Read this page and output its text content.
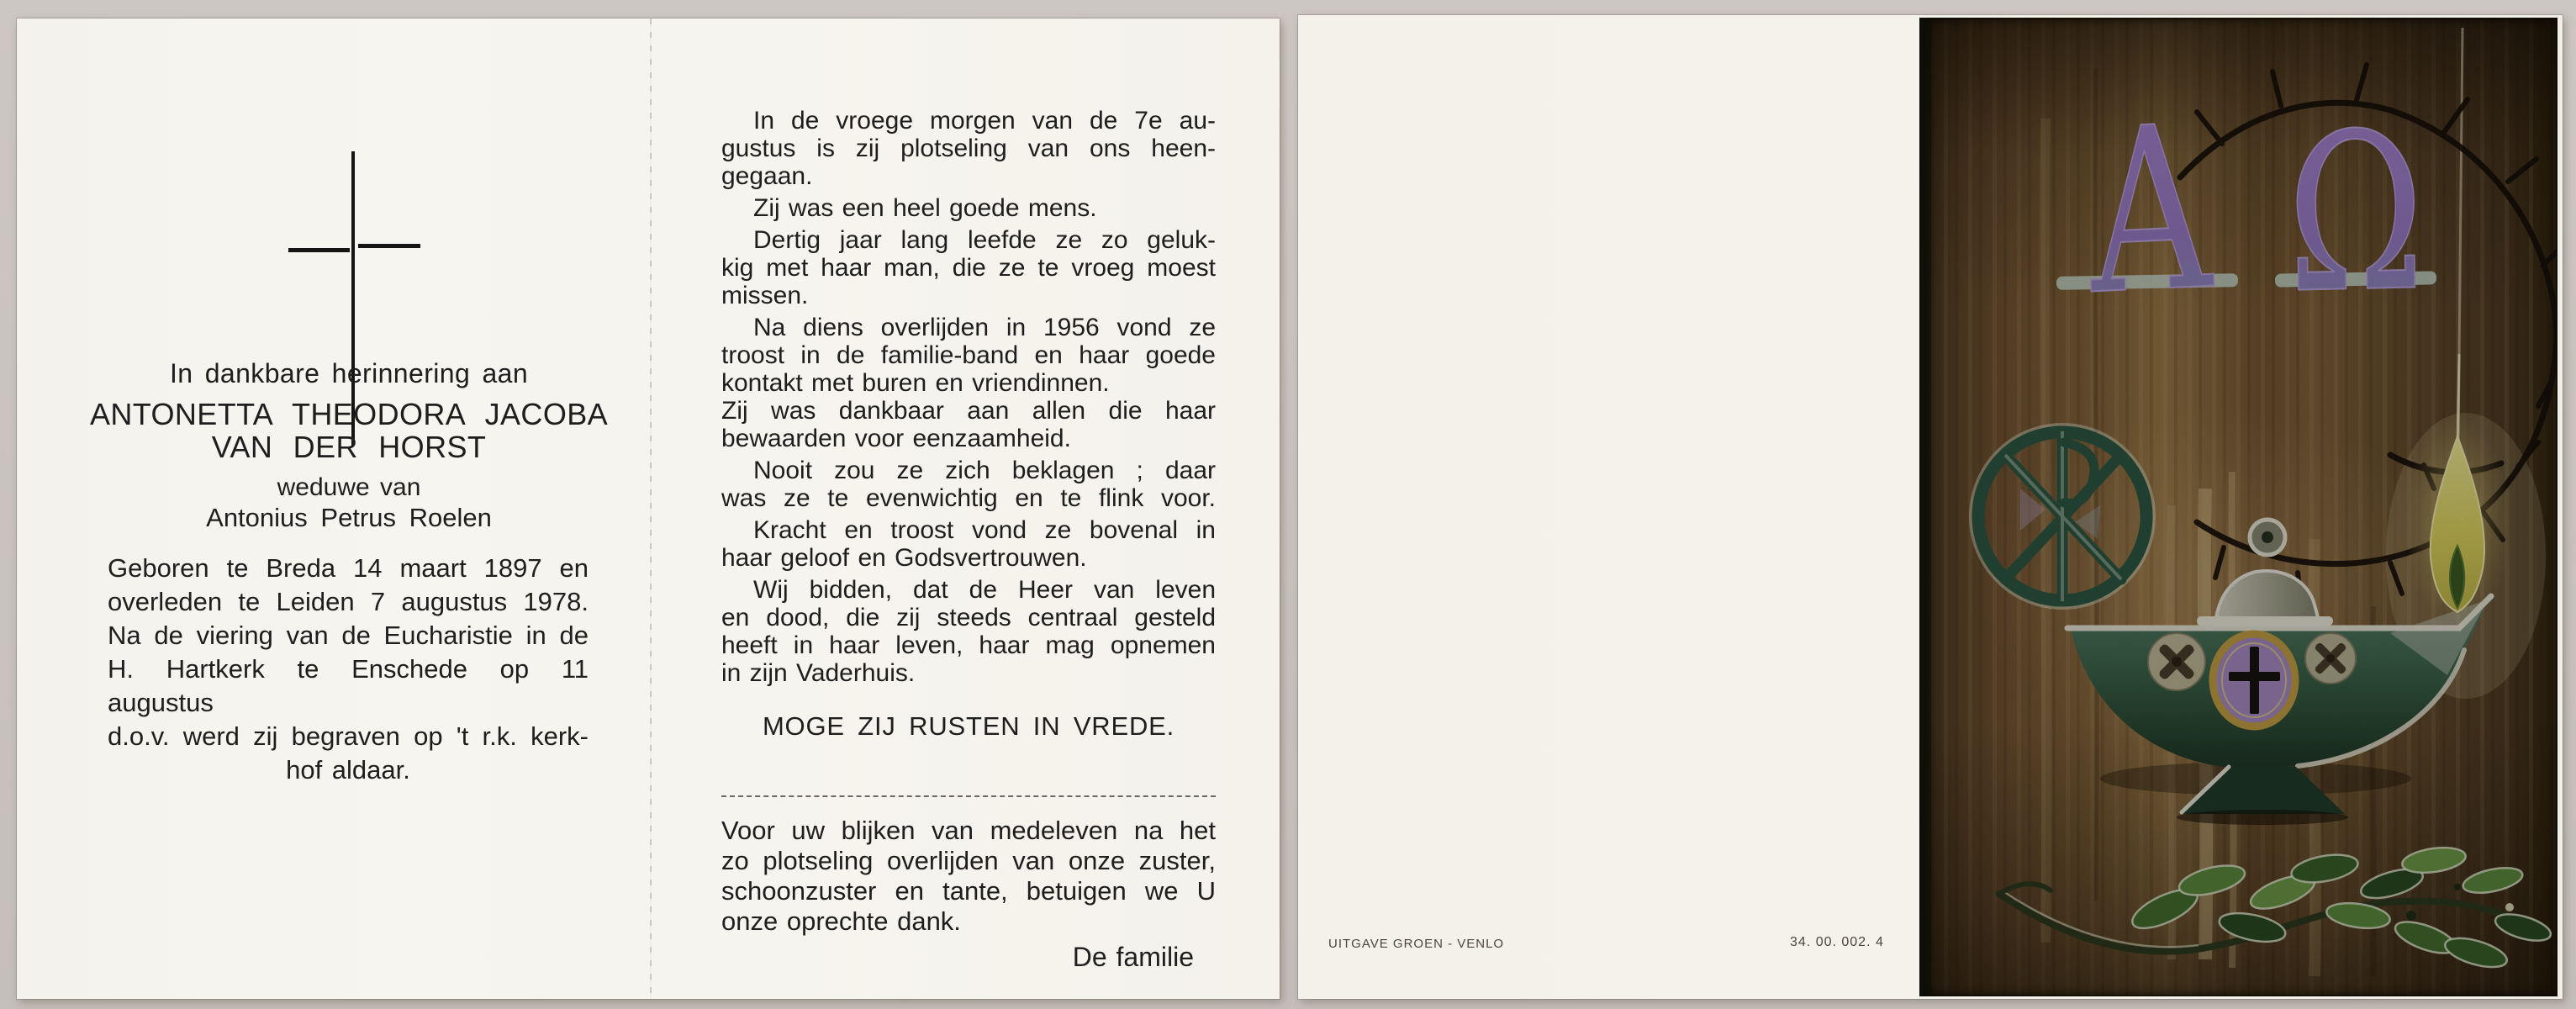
In dankbare herinnering aan
ANTONETTA THEODORA JACOBA
VAN DER HORST
weduwe van
Antonius Petrus Roelen
Geboren te Breda 14 maart 1897 en
overleden te Leiden 7 augustus 1978.
Na de viering van de Eucharistie in de
H. Hartkerk te Enschede op 11 augustus
d.o.v. werd zij begraven op 't r.k. kerk-
hof aldaar.
In de vroege morgen van de 7e au-
gustus is zij plotseling van ons heen-
gegaan.
Zij was een heel goede mens.
Dertig jaar lang leefde ze zo geluk-
kig met haar man, die ze te vroeg moest
missen.
Na diens overlijden in 1956 vond ze
troost in de familie-band en haar goede
kontakt met buren en vriendinnen.
Zij was dankbaar aan allen die haar
bewaarden voor eenzaamheid.
Nooit zou ze zich beklagen ; daar
was ze te evenwichtig en te flink voor.
Kracht en troost vond ze bovenal in
haar geloof en Godsvertrouwen.
Wij bidden, dat de Heer van leven
en dood, die zij steeds centraal gesteld
heeft in haar leven, haar mag opnemen
in zijn Vaderhuis.
MOGE ZIJ RUSTEN IN VREDE.
Voor uw blijken van medeleven na het
zo plotseling overlijden van onze zuster,
schoonzuster en tante, betuigen we U
onze oprechte dank.
De familie	UITGAVE GROEN - VENLO	34. 00. 002. 4
Α Ω
